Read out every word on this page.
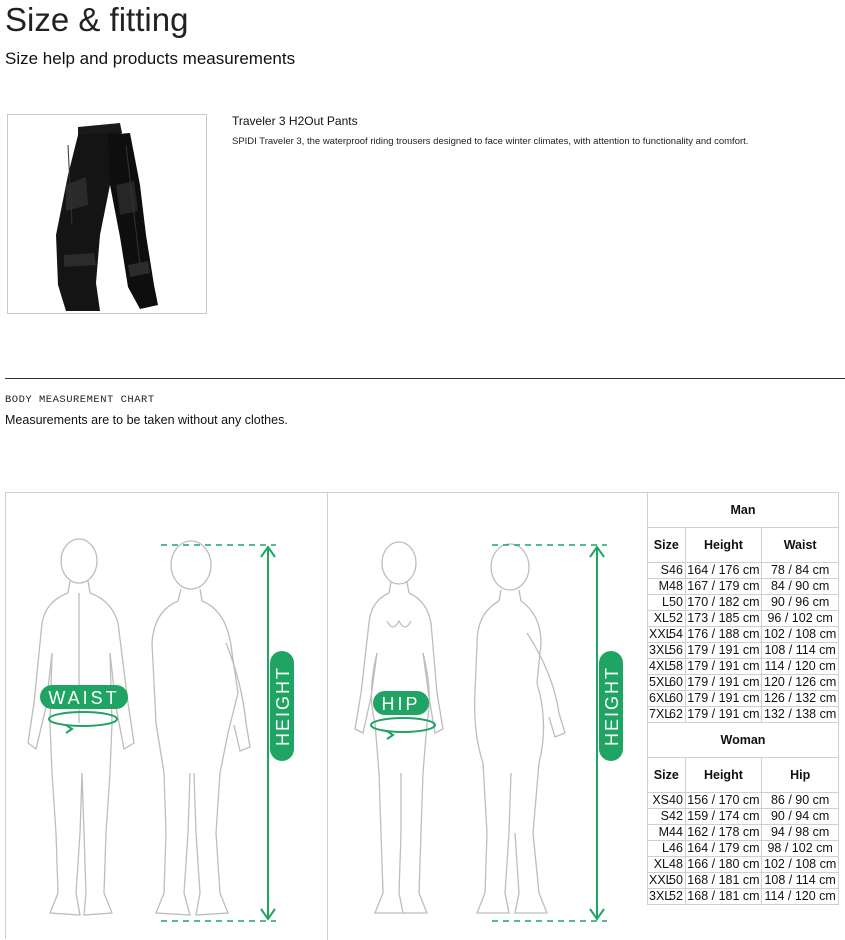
Size & fitting
Size help and products measurements
Traveler 3 H2Out Pants
SPIDI Traveler 3, the waterproof riding trousers designed to face winter climates, with attention to functionality and comfort.
BODY MEASUREMENT CHART
Measurements are to be taken without any clothes.
WAIST	HEIGHT	HIP	HEIGHT
Man		
Size	Height	Waist
S46	164 / 176 cm	78 / 84 cm
M48	167 / 179 cm	84 / 90 cm
L50	170 / 182 cm	90 / 96 cm
XL52	173 / 185 cm	96 / 102 cm
XXL54	176 / 188 cm	102 / 108 cm
3XL56	179 / 191 cm	108 / 114 cm
4XL58	179 / 191 cm	114 / 120 cm
5XL60	179 / 191 cm	120 / 126 cm
6XL60	179 / 191 cm	126 / 132 cm
7XL62	179 / 191 cm	132 / 138 cm
Woman		
Size	Height	Hip
XS40	156 / 170 cm	86 / 90 cm
S42	159 / 174 cm	90 / 94 cm
M44	162 / 178 cm	94 / 98 cm
L46	164 / 179 cm	98 / 102 cm
XL48	166 / 180 cm	102 / 108 cm
XXL50	168 / 181 cm	108 / 114 cm
3XL52	168 / 181 cm	114 / 120 cm
